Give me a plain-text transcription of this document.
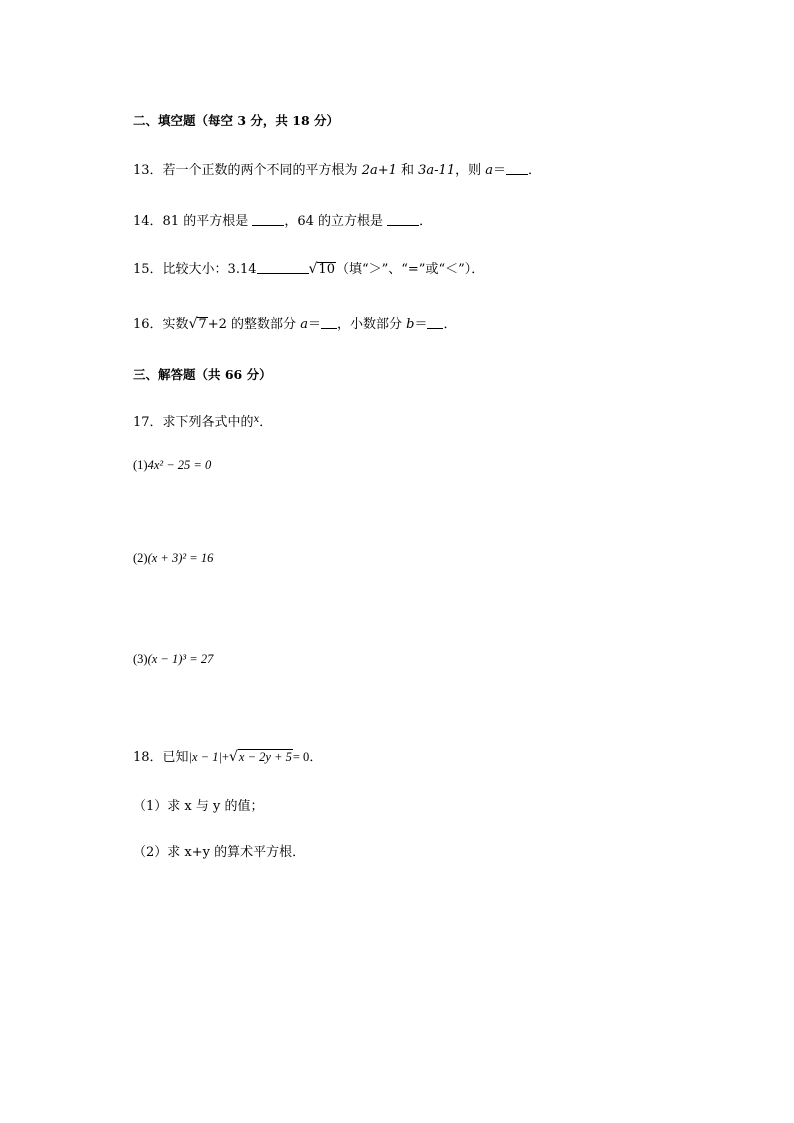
二、填空题（每空 3 分，共 18 分）
13．若一个正数的两个不同的平方根为 2a+1 和 3a-11，则 a＝ ．
14．81 的平方根是 ，64 的立方根是 ．
15．比较大小：3.14	√10（填“＞”、“=”或“＜”）．
16．实数√7+2 的整数部分 a＝ ，小数部分 b＝ ．
三、解答题（共 66 分）
17．求下列各式中的$^x$．
(1)4x² − 25 = 0
(2)(x + 3)² = 16
(3)(x − 1)³ = 27
18．已知|x − 1|+√x − 2y + 5= 0．
（1）求 x 与 y 的值；
（2）求 x+y 的算术平方根．
